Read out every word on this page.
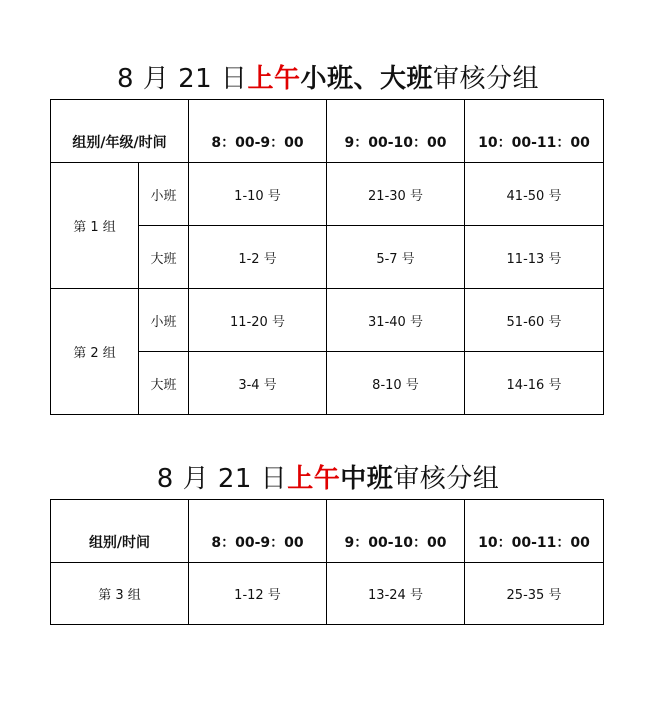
8 月 21 日上午小班、大班审核分组
组别/年级/时间		8：00-9：00	9：00-10：00	10：00-11：00
第 1 组	小班	1-10 号	21-30 号	41-50 号
	大班	1-2 号	5-7 号	11-13 号
第 2 组	小班	11-20 号	31-40 号	51-60 号
	大班	3-4 号	8-10 号	14-16 号
8 月 21 日上午中班审核分组
组别/时间	8：00-9：00	9：00-10：00	10：00-11：00
第 3 组	1-12 号	13-24 号	25-35 号
